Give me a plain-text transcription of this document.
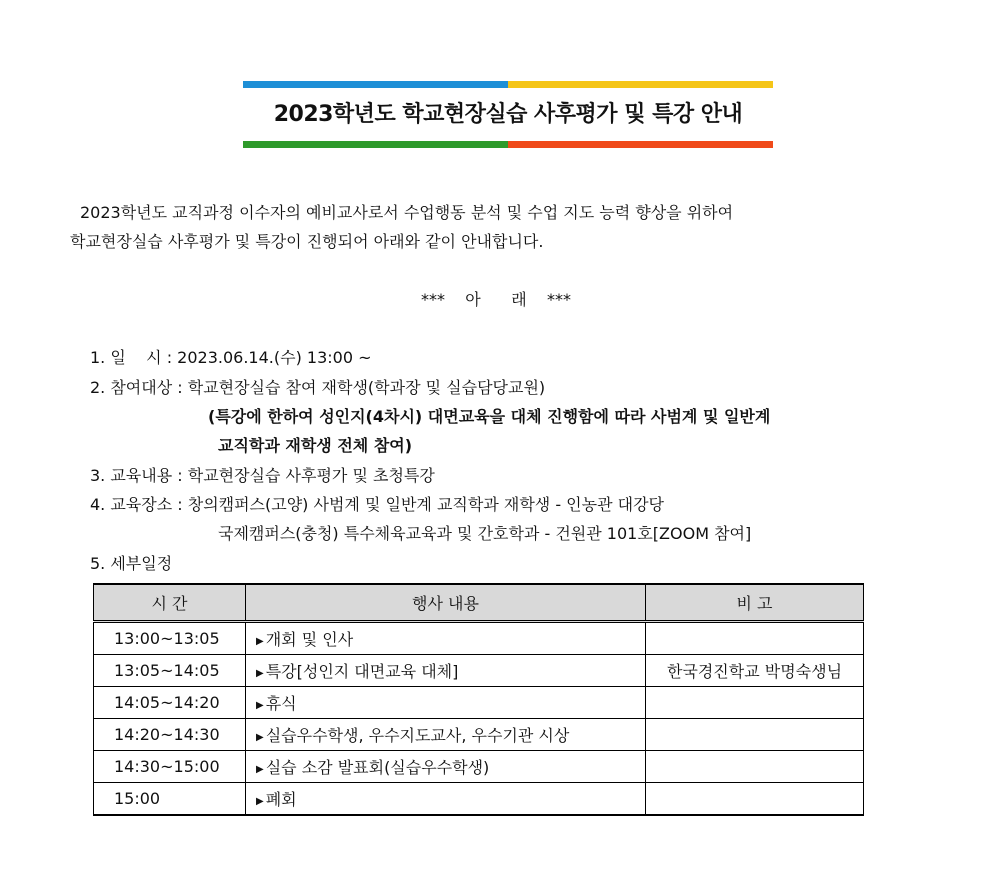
2023학년도 학교현장실습 사후평가 및 특강 안내
2023학년도 교직과정 이수자의 예비교사로서 수업행동 분석 및 수업 지도 능력 향상을 위하여
학교현장실습 사후평가 및 특강이 진행되어 아래와 같이 안내합니다.
***    아      래    ***
1. 일    시 : 2023.06.14.(수) 13:00 ~
2. 참여대상 : 학교현장실습 참여 재학생(학과장 및 실습담당교원)
(특강에 한하여 성인지(4차시) 대면교육을 대체 진행함에 따라 사범계 및 일반계
교직학과 재학생 전체 참여)
3. 교육내용 : 학교현장실습 사후평가 및 초청특강
4. 교육장소 : 창의캠퍼스(고양) 사범계 및 일반계 교직학과 재학생 - 인농관 대강당
국제캠퍼스(충청) 특수체육교육과 및 간호학과 - 건원관 101호[ZOOM 참여]
5. 세부일정
시 간	행사 내용	비 고
13:00~13:05	▶ 개회 및 인사	
13:05~14:05	▶ 특강[성인지 대면교육 대체]	한국경진학교 박명숙생님
14:05~14:20	▶ 휴식	
14:20~14:30	▶ 실습우수학생, 우수지도교사, 우수기관 시상	
14:30~15:00	▶ 실습 소감 발표회(실습우수학생)	
15:00	▶ 폐회	
